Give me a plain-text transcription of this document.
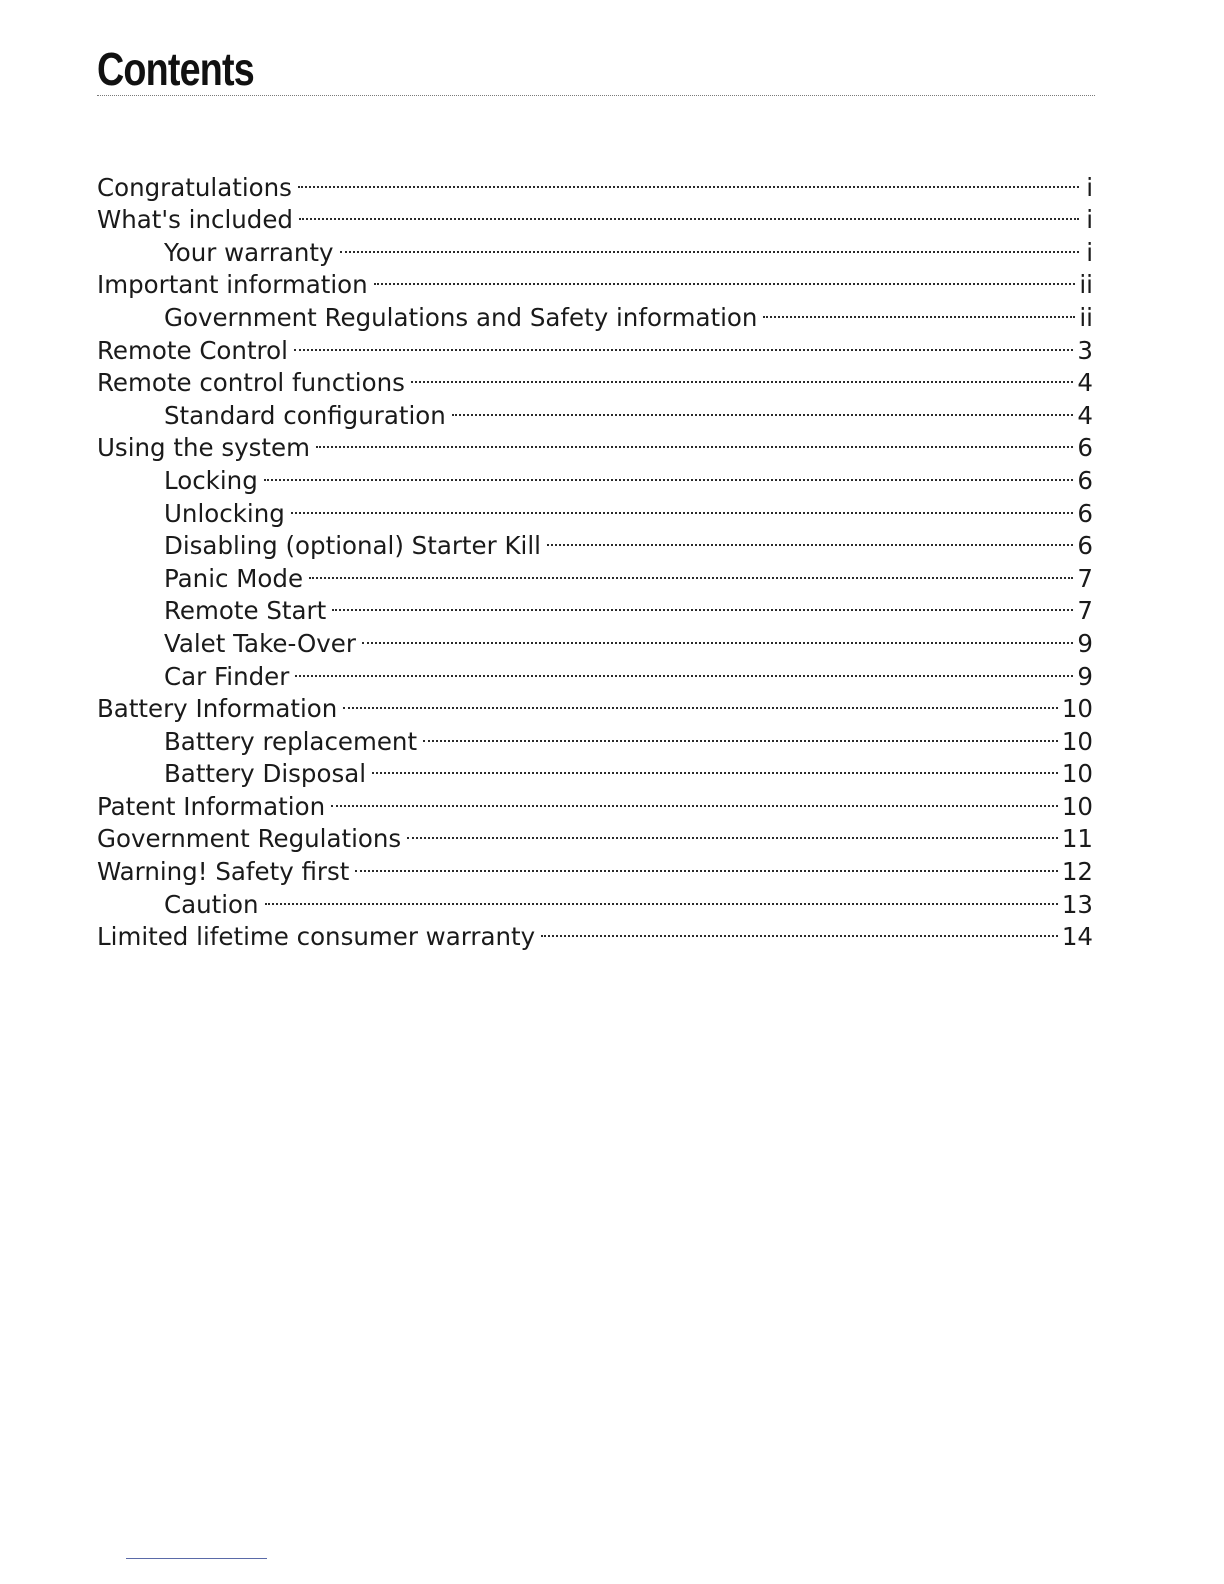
Contents
Congratulations	i
What's included	i
Your warranty	i
Important information	ii
Government Regulations and Safety information	ii
Remote Control	3
Remote control functions	4
Standard configuration	4
Using the system	6
Locking	6
Unlocking	6
Disabling (optional) Starter Kill	6
Panic Mode	7
Remote Start	7
Valet Take-Over	9
Car Finder	9
Battery Information	10
Battery replacement	10
Battery Disposal	10
Patent Information	10
Government Regulations	11
Warning! Safety first	12
Caution	13
Limited lifetime consumer warranty	14
